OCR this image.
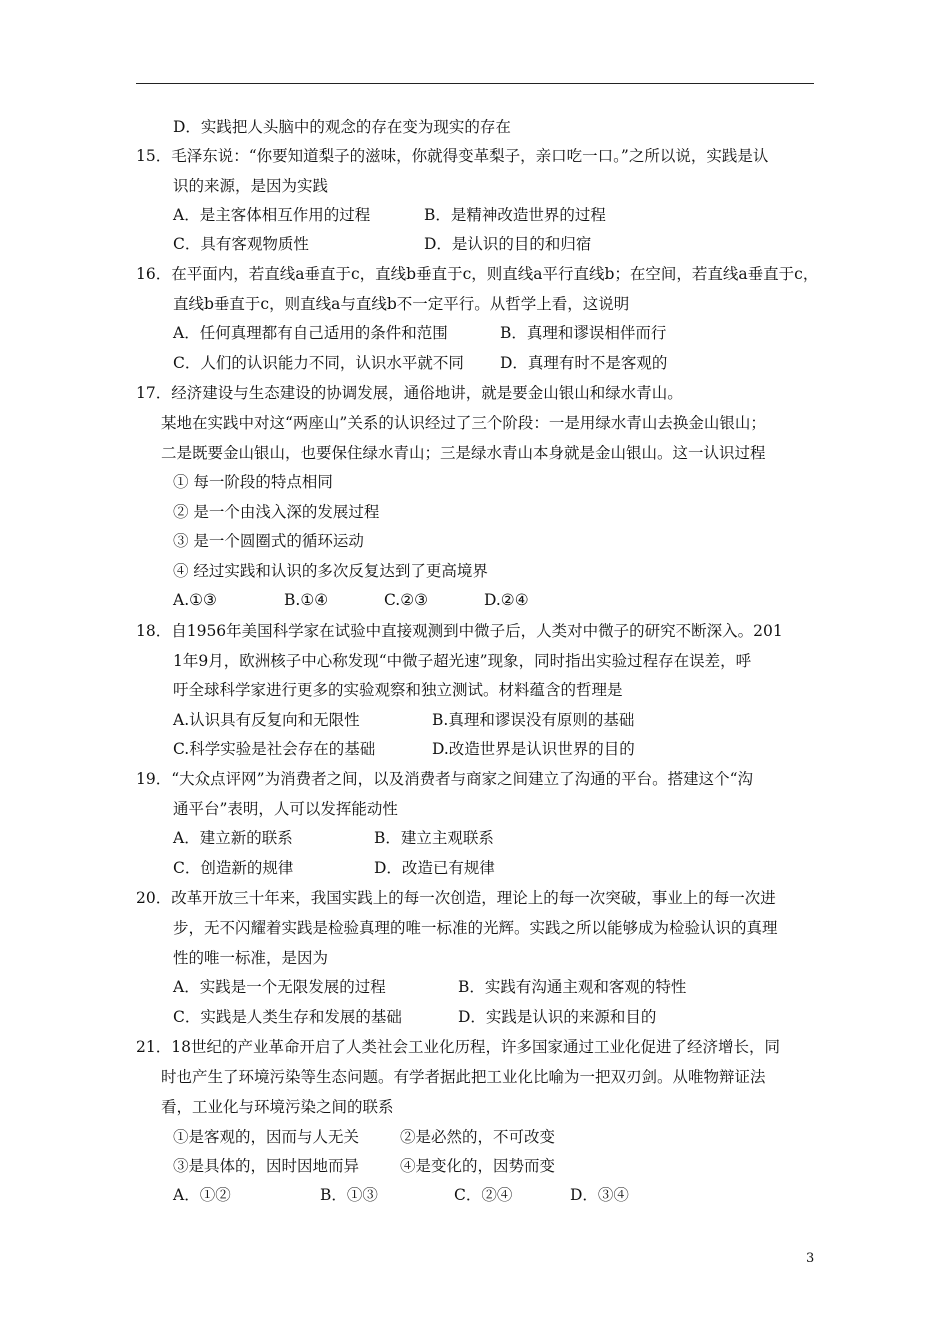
D．实践把人头脑中的观念的存在变为现实的存在
15．毛泽东说：“你要知道梨子的滋味，你就得变革梨子，亲口吃一口。”之所以说，实践是认
识的来源，是因为实践
A．是主客体相互作用的过程	B．是精神改造世界的过程
C．具有客观物质性	D．是认识的目的和归宿
16．在平面内，若直线a垂直于c，直线b垂直于c，则直线a平行直线b；在空间，若直线a垂直于c，
直线b垂直于c，则直线a与直线b不一定平行。从哲学上看，这说明
A．任何真理都有自己适用的条件和范围	B．真理和谬误相伴而行
C．人们的认识能力不同，认识水平就不同 D．真理有时不是客观的
17．经济建设与生态建设的协调发展，通俗地讲，就是要金山银山和绿水青山。
某地在实践中对这“两座山”关系的认识经过了三个阶段：一是用绿水青山去换金山银山；
二是既要金山银山，也要保住绿水青山；三是绿水青山本身就是金山银山。这一认识过程
① 每一阶段的特点相同
② 是一个由浅入深的发展过程
③ 是一个圆圈式的循环运动
④ 经过实践和认识的多次反复达到了更高境界
A.①③	B.①④	C.②③	D.②④
18．自1956年美国科学家在试验中直接观测到中微子后，人类对中微子的研究不断深入。201
1年9月，欧洲核子中心称发现“中微子超光速”现象，同时指出实验过程存在误差，呼
吁全球科学家进行更多的实验观察和独立测试。材料蕴含的哲理是
A.认识具有反复向和无限性	B.真理和谬误没有原则的基础
C.科学实验是社会存在的基础	D.改造世界是认识世界的目的
19．“大众点评网”为消费者之间，以及消费者与商家之间建立了沟通的平台。搭建这个“沟
通平台”表明，人可以发挥能动性
A．建立新的联系	B．建立主观联系
C．创造新的规律	D．改造已有规律
20．改革开放三十年来，我国实践上的每一次创造，理论上的每一次突破，事业上的每一次进
步，无不闪耀着实践是检验真理的唯一标准的光辉。实践之所以能够成为检验认识的真理
性的唯一标准，是因为
A．实践是一个无限发展的过程	B．实践有沟通主观和客观的特性
C．实践是人类生存和发展的基础	D．实践是认识的来源和目的
21．18世纪的产业革命开启了人类社会工业化历程，许多国家通过工业化促进了经济增长，同
时也产生了环境污染等生态问题。有学者据此把工业化比喻为一把双刃剑。从唯物辩证法
看，工业化与环境污染之间的联系
①是客观的，因而与人无关	②是必然的，不可改变
③是具体的，因时因地而异	④是变化的，因势而变
A．①②	B．①③	C．②④	D．③④
3
